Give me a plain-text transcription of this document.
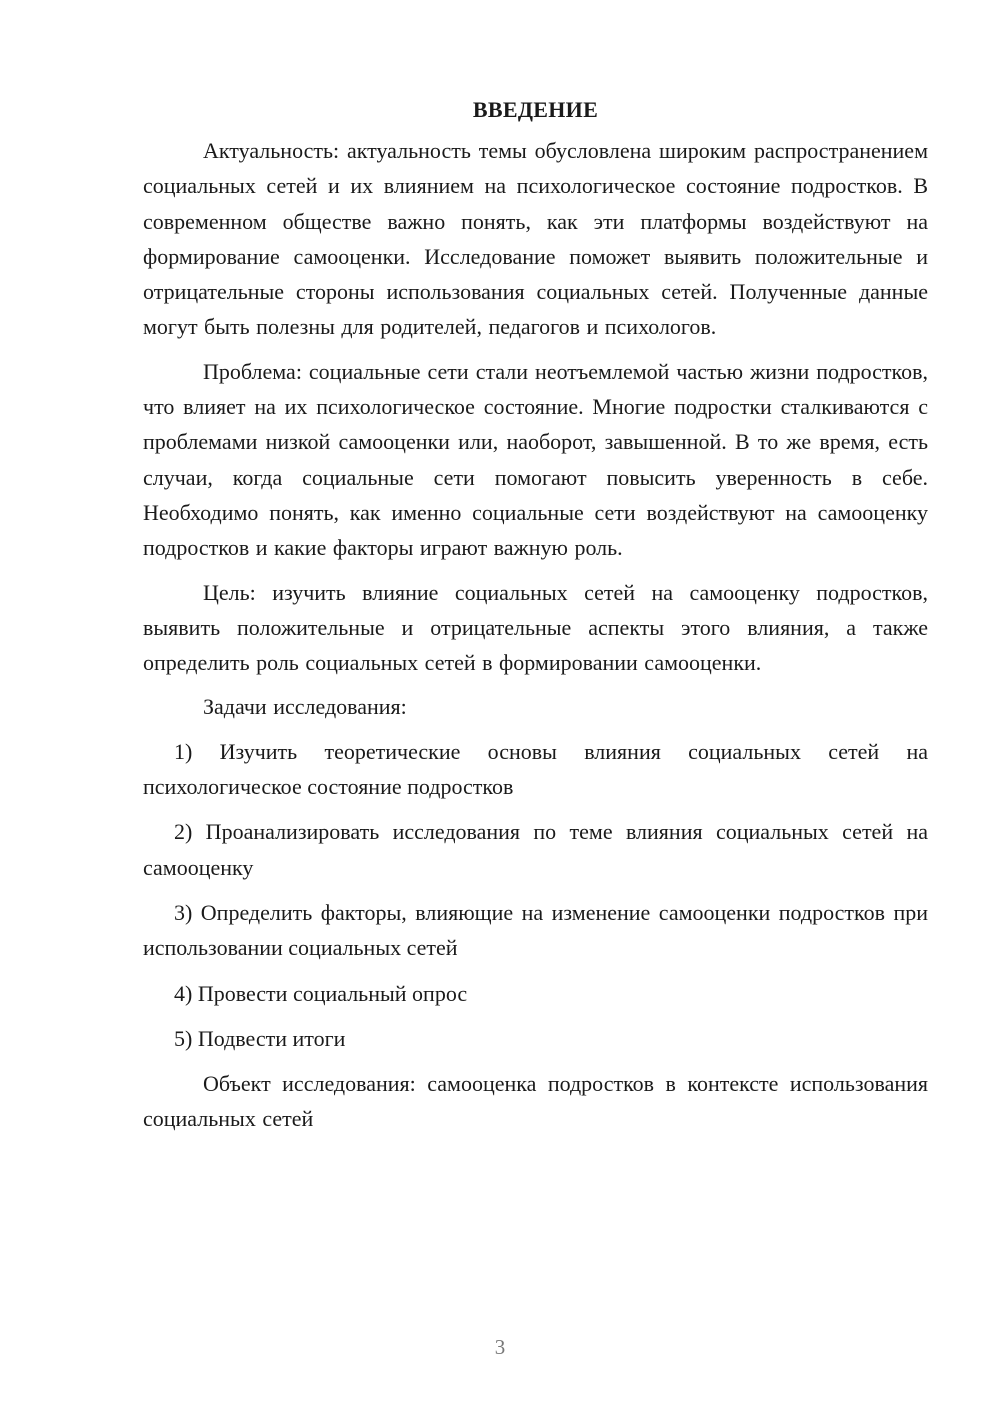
ВВЕДЕНИЕ

Актуальность: актуальность темы обусловлена широким распространением социальных сетей и их влиянием на психологическое состояние подростков. В современном обществе важно понять, как эти платформы воздействуют на формирование самооценки. Исследование поможет выявить положительные и отрицательные стороны использования социальных сетей. Полученные данные могут быть полезны для родителей, педагогов и психологов.

Проблема: социальные сети стали неотъемлемой частью жизни подростков, что влияет на их психологическое состояние. Многие подростки сталкиваются с проблемами низкой самооценки или, наоборот, завышенной. В то же время, есть случаи, когда социальные сети помогают повысить уверенность в себе. Необходимо понять, как именно социальные сети воздействуют на самооценку подростков и какие факторы играют важную роль.

Цель: изучить влияние социальных сетей на самооценку подростков, выявить положительные и отрицательные аспекты этого влияния, а также определить роль социальных сетей в формировании самооценки.

Задачи исследования:

1) Изучить теоретические основы влияния социальных сетей на психологическое состояние подростков

2) Проанализировать исследования по теме влияния социальных сетей на самооценку

3) Определить факторы, влияющие на изменение самооценки подростков при использовании социальных сетей

4) Провести социальный опрос

5) Подвести итоги

Объект исследования: самооценка подростков в контексте использования социальных сетей

3
